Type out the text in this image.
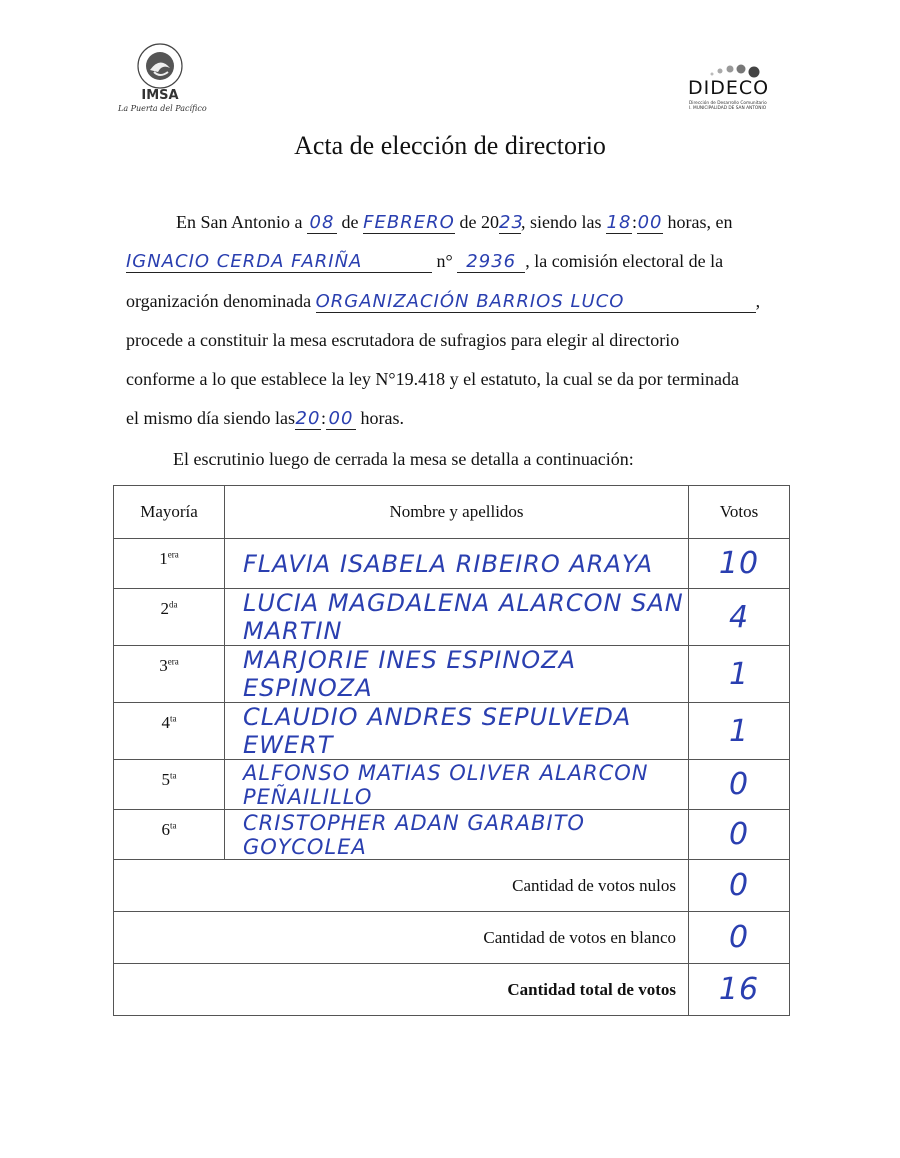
IMSA
La Puerta del Pacífico
DIDECO
Dirección de Desarrollo Comunitario
I. MUNICIPALIDAD DE SAN ANTONIO
Acta de elección de directorio
En San Antonio a 08 de FEBRERO de 2023, siendo las 18:00 horas, en
IGNACIO CERDA FARIÑA	n° 2936 , la comisión electoral de la
organización denominada ORGANIZACIÓN BARRIOS LUCO	,
procede a constituir la mesa escrutadora de sufragios para elegir al directorio
conforme a lo que establece la ley N°19.418 y el estatuto, la cual se da por terminada
el mismo día siendo las20: 00 horas.
El escrutinio luego de cerrada la mesa se detalla a continuación:
Mayoría	Nombre y apellidos	Votos
$1^{era}$	FLAVIA ISABELA RIBEIRO ARAYA	10
$2^{da}$	LUCIA MAGDALENA ALARCON SAN MARTIN	4
$3^{era}$	MARJORIE INES ESPINOZA ESPINOZA	1
$4^{ta}$	CLAUDIO ANDRES SEPULVEDA EWERT	1
$5^{ta}$	ALFONSO MATIAS OLIVER ALARCON PEÑAILILLO	0
$6^{ta}$	CRISTOPHER ADAN GARABITO GOYCOLEA	0
Cantidad de votos nulos		0
Cantidad de votos en blanco		0
Cantidad total de votos		16
